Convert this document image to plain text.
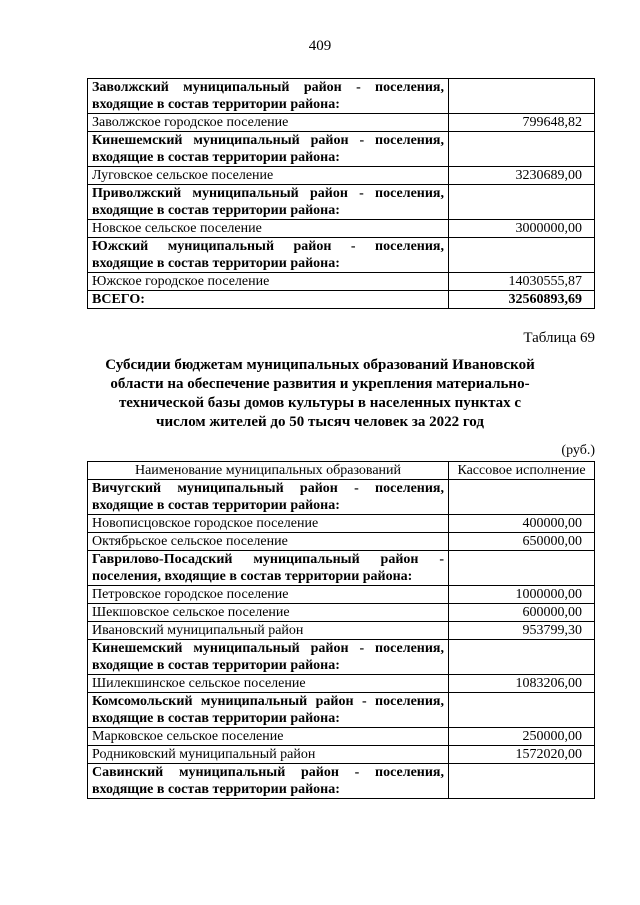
409
Заволжский муниципальный район - поселения, входящие в состав территории района:	
Заволжское городское поселение	799648,82
Кинешемский муниципальный район - поселения, входящие в состав территории района:	
Луговское сельское поселение	3230689,00
Приволжский муниципальный район - поселения, входящие в состав территории района:	
Новское сельское поселение	3000000,00
Южский муниципальный район - поселения, входящие в состав территории района:	
Южское городское поселение	14030555,87
ВСЕГО:	32560893,69
Таблица 69
Субсидии бюджетам муниципальных образований Ивановской области на обеспечение развития и укрепления материально-технической базы домов культуры в населенных пунктах с числом жителей до 50 тысяч человек за 2022 год
(руб.)
Наименование муниципальных образований	Кассовое исполнение
Вичугский муниципальный район - поселения, входящие в состав территории района:	
Новописцовское городское поселение	400000,00
Октябрьское сельское поселение	650000,00
Гаврилово-Посадский муниципальный район - поселения, входящие в состав территории района:	
Петровское городское поселение	1000000,00
Шекшовское сельское поселение	600000,00
Ивановский муниципальный район	953799,30
Кинешемский муниципальный район - поселения, входящие в состав территории района:	
Шилекшинское сельское поселение	1083206,00
Комсомольский муниципальный район - поселения, входящие в состав территории района:	
Марковское сельское поселение	250000,00
Родниковский муниципальный район	1572020,00
Савинский муниципальный район - поселения, входящие в состав территории района:	
